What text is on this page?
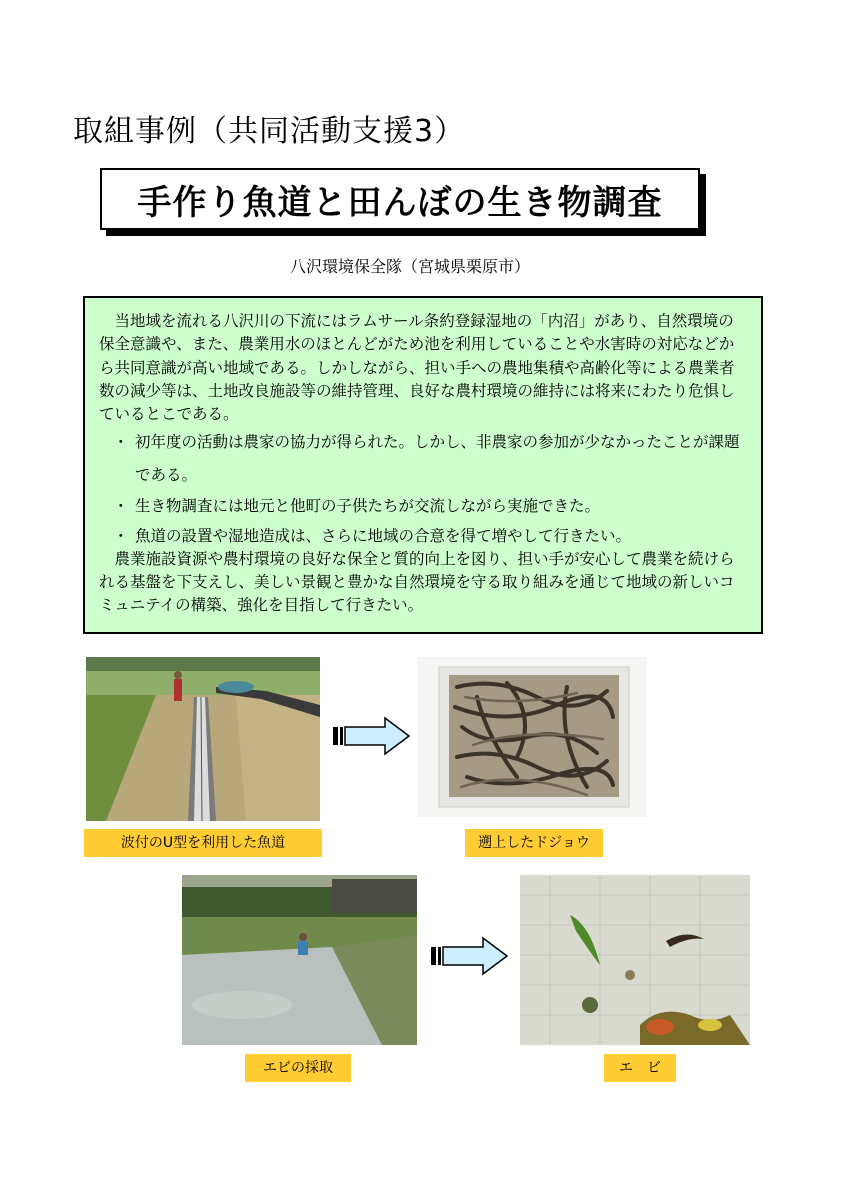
取組事例（共同活動支援3）
手作り魚道と田んぼの生き物調査
八沢環境保全隊（宮城県栗原市）

当地域を流れる八沢川の下流にはラムサール条約登録湿地の「内沼」があり、自然環境の保全意識や、また、農業用水のほとんどがため池を利用していることや水害時の対応などから共同意識が高い地域である。しかしながら、担い手への農地集積や高齢化等による農業者数の減少等は、土地改良施設等の維持管理、良好な農村環境の維持には将来にわたり危惧しているとこである。

・ 初年度の活動は農家の協力が得られた。しかし、非農家の参加が少なかったことが課題である。
・ 生き物調査には地元と他町の子供たちが交流しながら実施できた。
・ 魚道の設置や湿地造成は、さらに地域の合意を得て増やして行きたい。

農業施設資源や農村環境の良好な保全と質的向上を図り、担い手が安心して農業を続けられる基盤を下支えし、美しい景観と豊かな自然環境を守る取り組みを通じて地域の新しいコミュニテイの構築、強化を目指して行きたい。

波付のU型を利用した魚道	遡上したドジョウ
エビの採取	エ　ビ
